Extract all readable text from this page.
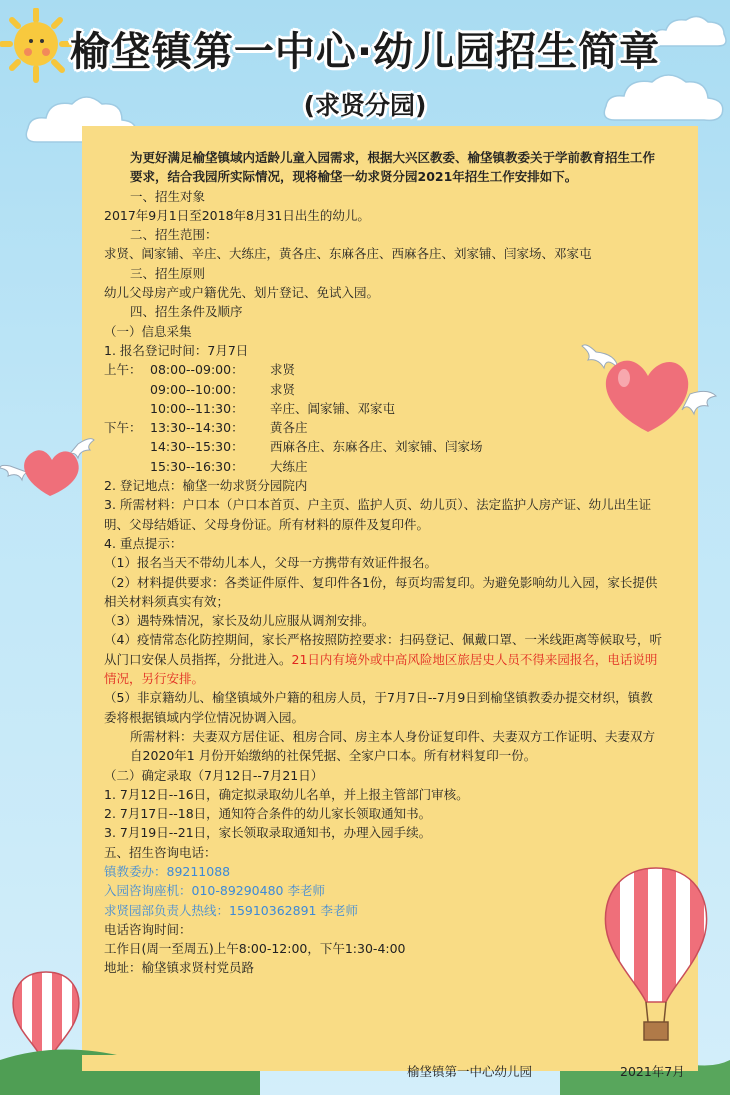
榆垡镇第一中心·幼儿园招生简章
(求贤分园)

为更好满足榆垡镇域内适龄儿童入园需求，根据大兴区教委、榆垡镇教委关于学前教育招生工作要求，结合我园所实际情况，现将榆垡一幼求贤分园2021年招生工作安排如下。

一、招生对象

2017年9月1日至2018年8月31日出生的幼儿。

二、招生范围：

求贤、阊家铺、辛庄、大练庄，黄各庄、东麻各庄、西麻各庄、刘家铺、闫家场、邓家屯

三、招生原则

幼儿父母房产或户籍优先、划片登记、免试入园。

四、招生条件及顺序

（一）信息采集

1. 报名登记时间：7月7日

上午： 08:00--09:00：	求贤
09:00--10:00：	求贤
10:00--11:30：	辛庄、阊家铺、邓家屯
下午： 13:30--14:30：	黄各庄
14:30--15:30：	西麻各庄、东麻各庄、刘家铺、闫家场
15:30--16:30：	大练庄

2. 登记地点：榆垡一幼求贤分园院内

3. 所需材料：户口本（户口本首页、户主页、监护人页、幼儿页）、法定监护人房产证、幼儿出生证明、父母结婚证、父母身份证。所有材料的原件及复印件。

4. 重点提示：

（1）报名当天不带幼儿本人，父母一方携带有效证件报名。

（2）材料提供要求：各类证件原件、复印件各1份，每页均需复印。为避免影响幼儿入园，家长提供相关材料须真实有效；

（3）遇特殊情况，家长及幼儿应服从调剂安排。

（4）疫情常态化防控期间，家长严格按照防控要求：扫码登记、佩戴口罩、一米线距离等候取号，听从门口安保人员指挥，分批进入。21日内有境外或中高风险地区旅居史人员不得来园报名，电话说明情况，另行安排。

（5）非京籍幼儿、榆垡镇域外户籍的租房人员，于7月7日--7月9日到榆垡镇教委办提交材织，镇教委将根据镇域内学位情况协调入园。

所需材料：夫妻双方居住证、租房合同、房主本人身份证复印件、夫妻双方工作证明、夫妻双方自2020年1 月份开始缴纳的社保凭据、全家户口本。所有材料复印一份。

（二）确定录取（7月12日--7月21日）

1. 7月12日--16日，确定拟录取幼儿名单，并上报主管部门审核。

2. 7月17日--18日，通知符合条件的幼儿家长领取通知书。

3. 7月19日--21日，家长领取录取通知书，办理入园手续。

五、招生咨询电话：

镇教委办：89211088

入园咨询座机：010-89290480 李老师

求贤园部负责人热线：15910362891 李老师

电话咨询时间：

工作日(周一至周五)上午8:00-12:00，下午1:30-4:00

地址：榆垡镇求贤村党员路

榆垡镇第一中心幼儿园	2021年7月
